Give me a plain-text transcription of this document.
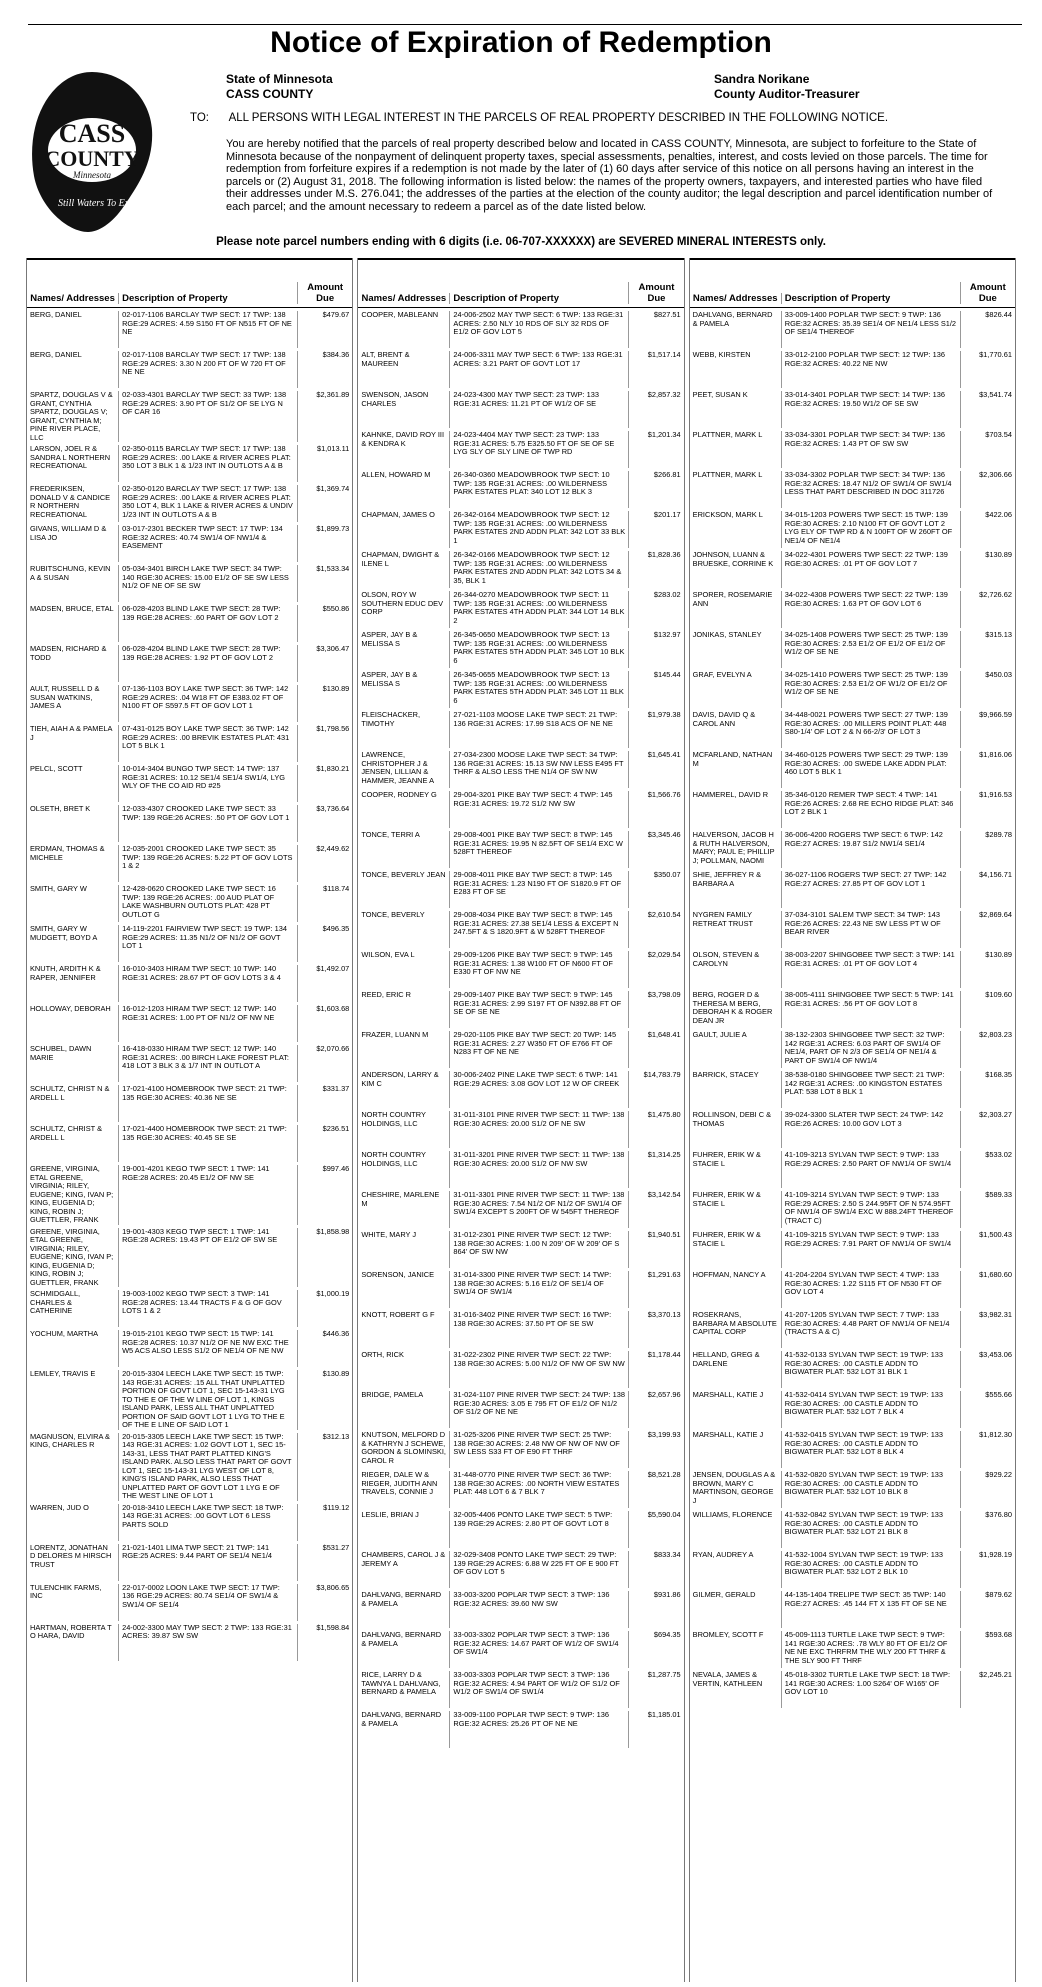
Notice of Expiration of Redemption
CASS
COUNTY
Minnesota
Still Waters To Explore
State of Minnesota
CASS COUNTY
Sandra Norikane
County Auditor-Treasurer
TO: ALL PERSONS WITH LEGAL INTEREST IN THE PARCELS OF REAL PROPERTY DESCRIBED IN THE FOLLOWING NOTICE.
You are hereby notified that the parcels of real property described below and located in CASS COUNTY, Minnesota, are subject to forfeiture to the State of Minnesota because of the nonpayment of delinquent property taxes, special assessments, penalties, interest, and costs levied on those parcels. The time for redemption from forfeiture expires if a redemption is not made by the later of (1) 60 days after service of this notice on all persons having an interest in the parcels or (2) August 31, 2018. The following information is listed below: the names of the property owners, taxpayers, and interested parties who have filed their addresses under M.S. 276.041; the addresses of the parties at the election of the county auditor; the legal description and parcel identification number of each parcel; and the amount necessary to redeem a parcel as of the date listed below.
Please note parcel numbers ending with 6 digits (i.e. 06-707-XXXXXX) are SEVERED MINERAL INTERESTS only.
Names/ Addresses Description of Property
Amount Due
BERG, DANIEL	02-017-1106 BARCLAY TWP SECT: 17 TWP: 138 RGE:29 ACRES: 4.59 S150 FT OF N515 FT OF NE NE
$479.67
BERG, DANIEL	02-017-1108 BARCLAY TWP SECT: 17 TWP: 138 RGE:29 ACRES: 3.30 N 200 FT OF W 720 FT OF NE NE
$384.36
SPARTZ, DOUGLAS V & GRANT, CYNTHIA SPARTZ, DOUGLAS V; GRANT, CYNTHIA M; PINE RIVER PLACE, LLC
02-033-4301 BARCLAY TWP SECT: 33 TWP: 138 RGE:29 ACRES: 3.90 PT OF S1/2 OF SE LYG N OF CAR 16
$2,361.89
LARSON, JOEL R & SANDRA L NORTHERN RECREATIONAL
02-350-0115 BARCLAY TWP SECT: 17 TWP: 138 RGE:29 ACRES: .00 LAKE & RIVER ACRES PLAT: 350 LOT 3 BLK 1 & 1/23 INT IN OUTLOTS A & B
$1,013.11
FREDERIKSEN, DONALD V & CANDICE R NORTHERN RECREATIONAL
02-350-0120 BARCLAY TWP SECT: 17 TWP: 138 RGE:29 ACRES: .00 LAKE & RIVER ACRES PLAT: 350 LOT 4, BLK 1 LAKE & RIVER ACRES & UNDIV 1/23 INT IN OUTLOTS A & B
$1,369.74
GIVANS, WILLIAM D & LISA JO
03-017-2301 BECKER TWP SECT: 17 TWP: 134 RGE:32 ACRES: 40.74 SW1/4 OF NW1/4 & EASEMENT
$1,899.73
RUBITSCHUNG, KEVIN A & SUSAN
05-034-3401 BIRCH LAKE TWP SECT: 34 TWP: 140 RGE:30 ACRES: 15.00 E1/2 OF SE SW LESS N1/2 OF NE OF SE SW
$1,533.34
MADSEN, BRUCE, ETAL	06-028-4203 BLIND LAKE TWP SECT: 28 TWP: 139 RGE:28 ACRES: .60 PART OF GOV LOT 2
$550.86
MADSEN, RICHARD & TODD
06-028-4204 BLIND LAKE TWP SECT: 28 TWP: 139 RGE:28 ACRES: 1.92 PT OF GOV LOT 2
$3,306.47
AULT, RUSSELL D & SUSAN WATKINS, JAMES A
07-136-1103 BOY LAKE TWP SECT: 36 TWP: 142 RGE:29 ACRES: .04 W18 FT OF E383.02 FT OF N100 FT OF S597.5 FT OF GOV LOT 1
$130.89
TIEH, AIAH A & PAMELA J
07-431-0125 BOY LAKE TWP SECT: 36 TWP: 142 RGE:29 ACRES: .00 BREVIK ESTATES PLAT: 431 LOT 5 BLK 1
$1,798.56
PELCL, SCOTT	10-014-3404 BUNGO TWP SECT: 14 TWP: 137 RGE:31 ACRES: 10.12 SE1/4 SE1/4 SW1/4, LYG WLY OF THE CO AID RD #25
$1,830.21
OLSETH, BRET K	12-033-4307 CROOKED LAKE TWP SECT: 33 TWP: 139 RGE:26 ACRES: .50 PT OF GOV LOT 1
$3,736.64
ERDMAN, THOMAS & MICHELE
12-035-2001 CROOKED LAKE TWP SECT: 35 TWP: 139 RGE:26 ACRES: 5.22 PT OF GOV LOTS 1 & 2
$2,449.62
SMITH, GARY W	12-428-0620 CROOKED LAKE TWP SECT: 16 TWP: 139 RGE:26 ACRES: .00 AUD PLAT OF LAKE WASHBURN OUTLOTS PLAT: 428 PT OUTLOT G
$118.74
SMITH, GARY W MUDGETT, BOYD A
14-119-2201 FAIRVIEW TWP SECT: 19 TWP: 134 RGE:29 ACRES: 11.35 N1/2 OF N1/2 OF GOVT LOT 1
$496.35
KNUTH, ARDITH K & RAPER, JENNIFER
16-010-3403 HIRAM TWP SECT: 10 TWP: 140 RGE:31 ACRES: 28.67 PT OF GOV LOTS 3 & 4
$1,492.07
HOLLOWAY, DEBORAH	16-012-1203 HIRAM TWP SECT: 12 TWP: 140 RGE:31 ACRES: 1.00 PT OF N1/2 OF NW NE
$1,603.68
SCHUBEL, DAWN MARIE
16-418-0330 HIRAM TWP SECT: 12 TWP: 140 RGE:31 ACRES: .00 BIRCH LAKE FOREST PLAT: 418 LOT 3 BLK 3 & 1/7 INT IN OUTLOT A
$2,070.66
SCHULTZ, CHRIST N & ARDELL L
17-021-4100 HOMEBROOK TWP SECT: 21 TWP: 135 RGE:30 ACRES: 40.36 NE SE
$331.37
SCHULTZ, CHRIST & ARDELL L
17-021-4400 HOMEBROOK TWP SECT: 21 TWP: 135 RGE:30 ACRES: 40.45 SE SE
$236.51
GREENE, VIRGINIA, ETAL GREENE, VIRGINIA; RILEY, EUGENE; KING, IVAN P; KING, EUGENIA D; KING, ROBIN J; GUETTLER, FRANK
19-001-4201 KEGO TWP SECT: 1 TWP: 141 RGE:28 ACRES: 20.45 E1/2 OF NW SE
$997.46
GREENE, VIRGINIA, ETAL GREENE, VIRGINIA; RILEY, EUGENE; KING, IVAN P; KING, EUGENIA D; KING, ROBIN J; GUETTLER, FRANK
19-001-4303 KEGO TWP SECT: 1 TWP: 141 RGE:28 ACRES: 19.43 PT OF E1/2 OF SW SE
$1,858.98
SCHMIDGALL, CHARLES & CATHERINE
19-003-1002 KEGO TWP SECT: 3 TWP: 141 RGE:28 ACRES: 13.44 TRACTS F & G OF GOV LOTS 1 & 2
$1,000.19
YOCHUM, MARTHA	19-015-2101 KEGO TWP SECT: 15 TWP: 141 RGE:28 ACRES: 10.37 N1/2 OF NE NW EXC THE W5 ACS ALSO LESS S1/2 OF NE1/4 OF NE NW
$446.36
LEMLEY, TRAVIS E	20-015-3304 LEECH LAKE TWP SECT: 15 TWP: 143 RGE:31 ACRES: .15 ALL THAT UNPLATTED PORTION OF GOVT LOT 1, SEC 15-143-31 LYG TO THE E OF THE W LINE OF LOT 1, KINGS ISLAND PARK, LESS ALL THAT UNPLATTED PORTION OF SAID GOVT LOT 1 LYG TO THE E OF THE E LINE OF SAID LOT 1
$130.89
MAGNUSON, ELVIRA & KING, CHARLES R
20-015-3305 LEECH LAKE TWP SECT: 15 TWP: 143 RGE:31 ACRES: 1.02 GOVT LOT 1, SEC 15-143-31, LESS THAT PART PLATTED KING'S ISLAND PARK. ALSO LESS THAT PART OF GOVT LOT 1, SEC 15-143-31 LYG WEST OF LOT 8, KING'S ISLAND PARK, ALSO LESS THAT UNPLATTED PART OF GOVT LOT 1 LYG E OF THE WEST LINE OF LOT 1
$312.13
WARREN, JUD O	20-018-3410 LEECH LAKE TWP SECT: 18 TWP: 143 RGE:31 ACRES: .00 GOVT LOT 6 LESS PARTS SOLD
$119.12
LORENTZ, JONATHAN D DELORES M HIRSCH TRUST
21-021-1401 LIMA TWP SECT: 21 TWP: 141 RGE:25 ACRES: 9.44 PART OF SE1/4 NE1/4
$531.27
TULENCHIK FARMS, INC
22-017-0002 LOON LAKE TWP SECT: 17 TWP: 136 RGE:29 ACRES: 80.74 SE1/4 OF SW1/4 & SW1/4 OF SE1/4
$3,806.65
HARTMAN, ROBERTA T O HARA, DAVID
24-002-3300 MAY TWP SECT: 2 TWP: 133 RGE:31 ACRES: 39.87 SW SW
$1,598.84
Names/ Addresses Description of Property
Amount Due
COOPER, MABLEANN	24-006-2502 MAY TWP SECT: 6 TWP: 133 RGE:31 ACRES: 2.50 NLY 10 RDS OF SLY 32 RDS OF E1/2 OF GOV LOT 5
$827.51
ALT, BRENT & MAUREEN
24-006-3311 MAY TWP SECT: 6 TWP: 133 RGE:31 ACRES: 3.21 PART OF GOVT LOT 17
$1,517.14
SWENSON, JASON CHARLES
24-023-4300 MAY TWP SECT: 23 TWP: 133 RGE:31 ACRES: 11.21 PT OF W1/2 OF SE
$2,857.32
KAHNKE, DAVID ROY III & KENDRA K
24-023-4404 MAY TWP SECT: 23 TWP: 133 RGE:31 ACRES: 5.75 E325.50 FT OF SE OF SE LYG SLY OF SLY LINE OF TWP RD
$1,201.34
ALLEN, HOWARD M	26-340-0360 MEADOWBROOK TWP SECT: 10 TWP: 135 RGE:31 ACRES: .00 WILDERNESS PARK ESTATES PLAT: 340 LOT 12 BLK 3
$266.81
CHAPMAN, JAMES O	26-342-0164 MEADOWBROOK TWP SECT: 12 TWP: 135 RGE:31 ACRES: .00 WILDERNESS PARK ESTATES 2ND ADDN PLAT: 342 LOT 33 BLK 1
$201.17
CHAPMAN, DWIGHT & ILENE L
26-342-0166 MEADOWBROOK TWP SECT: 12 TWP: 135 RGE:31 ACRES: .00 WILDERNESS PARK ESTATES 2ND ADDN PLAT: 342 LOTS 34 & 35, BLK 1
$1,828.36
OLSON, ROY W SOUTHERN EDUC DEV CORP
26-344-0270 MEADOWBROOK TWP SECT: 11 TWP: 135 RGE:31 ACRES: .00 WILDERNESS PARK ESTATES 4TH ADDN PLAT: 344 LOT 14 BLK 2
$283.02
ASPER, JAY B & MELISSA S
26-345-0650 MEADOWBROOK TWP SECT: 13 TWP: 135 RGE:31 ACRES: .00 WILDERNESS PARK ESTATES 5TH ADDN PLAT: 345 LOT 10 BLK 6
$132.97
ASPER, JAY B & MELISSA S
26-345-0655 MEADOWBROOK TWP SECT: 13 TWP: 135 RGE:31 ACRES: .00 WILDERNESS PARK ESTATES 5TH ADDN PLAT: 345 LOT 11 BLK 6
$145.44
FLEISCHACKER, TIMOTHY
27-021-1103 MOOSE LAKE TWP SECT: 21 TWP: 136 RGE:31 ACRES: 17.99 S18 ACS OF NE NE
$1,979.38
LAWRENCE, CHRISTOPHER J & JENSEN, LILLIAN & HAMMER, JEANNE A
27-034-2300 MOOSE LAKE TWP SECT: 34 TWP: 136 RGE:31 ACRES: 15.13 SW NW LESS E495 FT THRF & ALSO LESS THE N1/4 OF SW NW
$1,645.41
COOPER, RODNEY G	29-004-3201 PIKE BAY TWP SECT: 4 TWP: 145 RGE:31 ACRES: 19.72 S1/2 NW SW
$1,566.76
TONCE, TERRI A	29-008-4001 PIKE BAY TWP SECT: 8 TWP: 145 RGE:31 ACRES: 19.95 N 82.5FT OF SE1/4 EXC W 528FT THEREOF
$3,345.46
TONCE, BEVERLY JEAN	29-008-4011 PIKE BAY TWP SECT: 8 TWP: 145 RGE:31 ACRES: 1.23 N190 FT OF S1820.9 FT OF E283 FT OF SE
$350.07
TONCE, BEVERLY	29-008-4034 PIKE BAY TWP SECT: 8 TWP: 145 RGE:31 ACRES: 27.38 SE1/4 LESS & EXCEPT N 247.5FT & S 1820.9FT & W 528FT THEREOF
$2,610.54
WILSON, EVA L	29-009-1206 PIKE BAY TWP SECT: 9 TWP: 145 RGE:31 ACRES: 1.38 W100 FT OF N600 FT OF E330 FT OF NW NE
$2,029.54
REED, ERIC R	29-009-1407 PIKE BAY TWP SECT: 9 TWP: 145 RGE:31 ACRES: 2.99 S197 FT OF N392.88 FT OF SE OF SE NE
$3,798.09
FRAZER, LUANN M	29-020-1105 PIKE BAY TWP SECT: 20 TWP: 145 RGE:31 ACRES: 2.27 W350 FT OF E766 FT OF N283 FT OF NE NE
$1,648.41
ANDERSON, LARRY & KIM C
30-006-2402 PINE LAKE TWP SECT: 6 TWP: 141 RGE:29 ACRES: 3.08 GOV LOT 12 W OF CREEK
$14,783.79
NORTH COUNTRY HOLDINGS, LLC
31-011-3101 PINE RIVER TWP SECT: 11 TWP: 138 RGE:30 ACRES: 20.00 S1/2 OF NE SW
$1,475.80
NORTH COUNTRY HOLDINGS, LLC
31-011-3201 PINE RIVER TWP SECT: 11 TWP: 138 RGE:30 ACRES: 20.00 S1/2 OF NW SW
$1,314.25
CHESHIRE, MARLENE M
31-011-3301 PINE RIVER TWP SECT: 11 TWP: 138 RGE:30 ACRES: 7.54 N1/2 OF N1/2 OF SW1/4 OF SW1/4 EXCEPT S 200FT OF W 545FT THEREOF
$3,142.54
WHITE, MARY J	31-012-2301 PINE RIVER TWP SECT: 12 TWP: 138 RGE:30 ACRES: 1.00 N 209' OF W 209' OF S 864' OF SW NW
$1,940.51
SORENSON, JANICE	31-014-3300 PINE RIVER TWP SECT: 14 TWP: 138 RGE:30 ACRES: 5.16 E1/2 OF SE1/4 OF SW1/4 OF SW1/4
$1,291.63
KNOTT, ROBERT G F	31-016-3402 PINE RIVER TWP SECT: 16 TWP: 138 RGE:30 ACRES: 37.50 PT OF SE SW
$3,370.13
ORTH, RICK	31-022-2302 PINE RIVER TWP SECT: 22 TWP: 138 RGE:30 ACRES: 5.00 N1/2 OF NW OF SW NW
$1,178.44
BRIDGE, PAMELA	31-024-1107 PINE RIVER TWP SECT: 24 TWP: 138 RGE:30 ACRES: 3.05 E 795 FT OF E1/2 OF N1/2 OF S1/2 OF NE NE
$2,657.96
KNUTSON, MELFORD D & KATHRYN J SCHEWE, GORDON & SLOMINSKI, CAROL R
31-025-3206 PINE RIVER TWP SECT: 25 TWP: 138 RGE:30 ACRES: 2.48 NW OF NW OF NW OF SW LESS S33 FT OF E90 FT THRF
$3,199.93
RIEGER, DALE W & RIEGER, JUDITH ANN TRAVELS, CONNIE J
31-448-0770 PINE RIVER TWP SECT: 36 TWP: 138 RGE:30 ACRES: .00 NORTH VIEW ESTATES PLAT: 448 LOT 6 & 7 BLK 7
$8,521.28
LESLIE, BRIAN J	32-005-4406 PONTO LAKE TWP SECT: 5 TWP: 139 RGE:29 ACRES: 2.80 PT OF GOVT LOT 8
$5,590.04
CHAMBERS, CAROL J & JEREMY A
32-029-3408 PONTO LAKE TWP SECT: 29 TWP: 139 RGE:29 ACRES: 6.88 W 225 FT OF E 900 FT OF GOV LOT 5
$833.34
DAHLVANG, BERNARD & PAMELA
33-003-3200 POPLAR TWP SECT: 3 TWP: 136 RGE:32 ACRES: 39.60 NW SW
$931.86
DAHLVANG, BERNARD & PAMELA
33-003-3302 POPLAR TWP SECT: 3 TWP: 136 RGE:32 ACRES: 14.67 PART OF W1/2 OF SW1/4 OF SW1/4
$694.35
RICE, LARRY D & TAWNYA L DAHLVANG, BERNARD & PAMELA
33-003-3303 POPLAR TWP SECT: 3 TWP: 136 RGE:32 ACRES: 4.94 PART OF W1/2 OF S1/2 OF W1/2 OF SW1/4 OF SW1/4
$1,287.75
DAHLVANG, BERNARD & PAMELA
33-009-1100 POPLAR TWP SECT: 9 TWP: 136 RGE:32 ACRES: 25.26 PT OF NE NE
$1,185.01
Names/ Addresses Description of Property
Amount Due
DAHLVANG, BERNARD & PAMELA
33-009-1400 POPLAR TWP SECT: 9 TWP: 136 RGE:32 ACRES: 35.39 SE1/4 OF NE1/4 LESS S1/2 OF SE1/4 THEREOF
$826.44
WEBB, KIRSTEN	33-012-2100 POPLAR TWP SECT: 12 TWP: 136 RGE:32 ACRES: 40.22 NE NW
$1,770.61
PEET, SUSAN K	33-014-3401 POPLAR TWP SECT: 14 TWP: 136 RGE:32 ACRES: 19.50 W1/2 OF SE SW
$3,541.74
PLATTNER, MARK L	33-034-3301 POPLAR TWP SECT: 34 TWP: 136 RGE:32 ACRES: 1.43 PT OF SW SW
$703.54
PLATTNER, MARK L	33-034-3302 POPLAR TWP SECT: 34 TWP: 136 RGE:32 ACRES: 18.47 N1/2 OF SW1/4 OF SW1/4 LESS THAT PART DESCRIBED IN DOC 311726
$2,306.66
ERICKSON, MARK L	34-015-1203 POWERS TWP SECT: 15 TWP: 139 RGE:30 ACRES: 2.10 N100 FT OF GOVT LOT 2 LYG ELY OF TWP RD & N 100FT OF W 260FT OF NE1/4 OF NE1/4
$422.06
JOHNSON, LUANN & BRUESKE, CORRINE K
34-022-4301 POWERS TWP SECT: 22 TWP: 139 RGE:30 ACRES: .01 PT OF GOV LOT 7
$130.89
SPORER, ROSEMARIE ANN
34-022-4308 POWERS TWP SECT: 22 TWP: 139 RGE:30 ACRES: 1.63 PT OF GOV LOT 6
$2,726.62
JONIKAS, STANLEY	34-025-1408 POWERS TWP SECT: 25 TWP: 139 RGE:30 ACRES: 2.53 E1/2 OF E1/2 OF E1/2 OF W1/2 OF SE NE
$315.13
GRAF, EVELYN A	34-025-1410 POWERS TWP SECT: 25 TWP: 139 RGE:30 ACRES: 2.53 E1/2 OF W1/2 OF E1/2 OF W1/2 OF SE NE
$450.03
DAVIS, DAVID Q & CAROL ANN
34-448-0021 POWERS TWP SECT: 27 TWP: 139 RGE:30 ACRES: .00 MILLERS POINT PLAT: 448 S80-1/4' OF LOT 2 & N 66-2/3' OF LOT 3
$9,966.59
MCFARLAND, NATHAN M
34-460-0125 POWERS TWP SECT: 29 TWP: 139 RGE:30 ACRES: .00 SWEDE LAKE ADDN PLAT: 460 LOT 5 BLK 1
$1,816.06
HAMMEREL, DAVID R	35-346-0120 REMER TWP SECT: 4 TWP: 141 RGE:26 ACRES: 2.68 RE ECHO RIDGE PLAT: 346 LOT 2 BLK 1
$1,916.53
HALVERSON, JACOB H & RUTH HALVERSON, MARY; PAUL E; PHILLIP J; POLLMAN, NAOMI
36-006-4200 ROGERS TWP SECT: 6 TWP: 142 RGE:27 ACRES: 19.87 S1/2 NW1/4 SE1/4
$289.78
SHIE, JEFFREY R & BARBARA A
36-027-1106 ROGERS TWP SECT: 27 TWP: 142 RGE:27 ACRES: 27.85 PT OF GOV LOT 1
$4,156.71
NYGREN FAMILY RETREAT TRUST
37-034-3101 SALEM TWP SECT: 34 TWP: 143 RGE:26 ACRES: 22.43 NE SW LESS PT W OF BEAR RIVER
$2,869.64
OLSON, STEVEN & CAROLYN
38-003-2207 SHINGOBEE TWP SECT: 3 TWP: 141 RGE:31 ACRES: .01 PT OF GOV LOT 4
$130.89
BERG, ROGER D & THERESA M BERG, DEBORAH K & ROGER DEAN JR
38-005-4111 SHINGOBEE TWP SECT: 5 TWP: 141 RGE:31 ACRES: .56 PT OF GOV LOT 8
$109.60
GAULT, JULIE A	38-132-2303 SHINGOBEE TWP SECT: 32 TWP: 142 RGE:31 ACRES: 6.03 PART OF SW1/4 OF NE1/4, PART OF N 2/3 OF SE1/4 OF NE1/4 & PART OF SW1/4 OF NW1/4
$2,803.23
BARRICK, STACEY	38-538-0180 SHINGOBEE TWP SECT: 21 TWP: 142 RGE:31 ACRES: .00 KINGSTON ESTATES PLAT: 538 LOT 8 BLK 1
$168.35
ROLLINSON, DEBI C & THOMAS
39-024-3300 SLATER TWP SECT: 24 TWP: 142 RGE:26 ACRES: 10.00 GOV LOT 3
$2,303.27
FUHRER, ERIK W & STACIE L
41-109-3213 SYLVAN TWP SECT: 9 TWP: 133 RGE:29 ACRES: 2.50 PART OF NW1/4 OF SW1/4
$533.02
FUHRER, ERIK W & STACIE L
41-109-3214 SYLVAN TWP SECT: 9 TWP: 133 RGE:29 ACRES: 2.50 S 244.95FT OF N 574.95FT OF NW1/4 OF SW1/4 EXC W 888.24FT THEREOF (TRACT C)
$589.33
FUHRER, ERIK W & STACIE L
41-109-3215 SYLVAN TWP SECT: 9 TWP: 133 RGE:29 ACRES: 7.91 PART OF NW1/4 OF SW1/4
$1,500.43
HOFFMAN, NANCY A	41-204-2204 SYLVAN TWP SECT: 4 TWP: 133 RGE:30 ACRES: 1.22 S115 FT OF N530 FT OF GOV LOT 4
$1,680.60
ROSEKRANS, BARBARA M ABSOLUTE CAPITAL CORP
41-207-1205 SYLVAN TWP SECT: 7 TWP: 133 RGE:30 ACRES: 4.48 PART OF NW1/4 OF NE1/4 (TRACTS A & C)
$3,982.31
HELLAND, GREG & DARLENE
41-532-0133 SYLVAN TWP SECT: 19 TWP: 133 RGE:30 ACRES: .00 CASTLE ADDN TO BIGWATER PLAT: 532 LOT 31 BLK 1
$3,453.06
MARSHALL, KATIE J	41-532-0414 SYLVAN TWP SECT: 19 TWP: 133 RGE:30 ACRES: .00 CASTLE ADDN TO BIGWATER PLAT: 532 LOT 7 BLK 4
$555.66
MARSHALL, KATIE J	41-532-0415 SYLVAN TWP SECT: 19 TWP: 133 RGE:30 ACRES: .00 CASTLE ADDN TO BIGWATER PLAT: 532 LOT 8 BLK 4
$1,812.30
JENSEN, DOUGLAS A & BROWN, MARY C MARTINSON, GEORGE J
41-532-0820 SYLVAN TWP SECT: 19 TWP: 133 RGE:30 ACRES: .00 CASTLE ADDN TO BIGWATER PLAT: 532 LOT 10 BLK 8
$929.22
WILLIAMS, FLORENCE	41-532-0842 SYLVAN TWP SECT: 19 TWP: 133 RGE:30 ACRES: .00 CASTLE ADDN TO BIGWATER PLAT: 532 LOT 21 BLK 8
$376.80
RYAN, AUDREY A	41-532-1004 SYLVAN TWP SECT: 19 TWP: 133 RGE:30 ACRES: .00 CASTLE ADDN TO BIGWATER PLAT: 532 LOT 2 BLK 10
$1,928.19
GILMER, GERALD	44-135-1404 TRELIPE TWP SECT: 35 TWP: 140 RGE:27 ACRES: .45 144 FT X 135 FT OF SE NE
$879.62
BROMLEY, SCOTT F	45-009-1113 TURTLE LAKE TWP SECT: 9 TWP: 141 RGE:30 ACRES: .78 WLY 80 FT OF E1/2 OF NE NE EXC THRFRM THE WLY 200 FT THRF & THE SLY 900 FT THRF
$593.68
NEVALA, JAMES & VERTIN, KATHLEEN
45-018-3302 TURTLE LAKE TWP SECT: 18 TWP: 141 RGE:30 ACRES: 1.00 S264' OF W165' OF GOV LOT 10
$2,245.21
